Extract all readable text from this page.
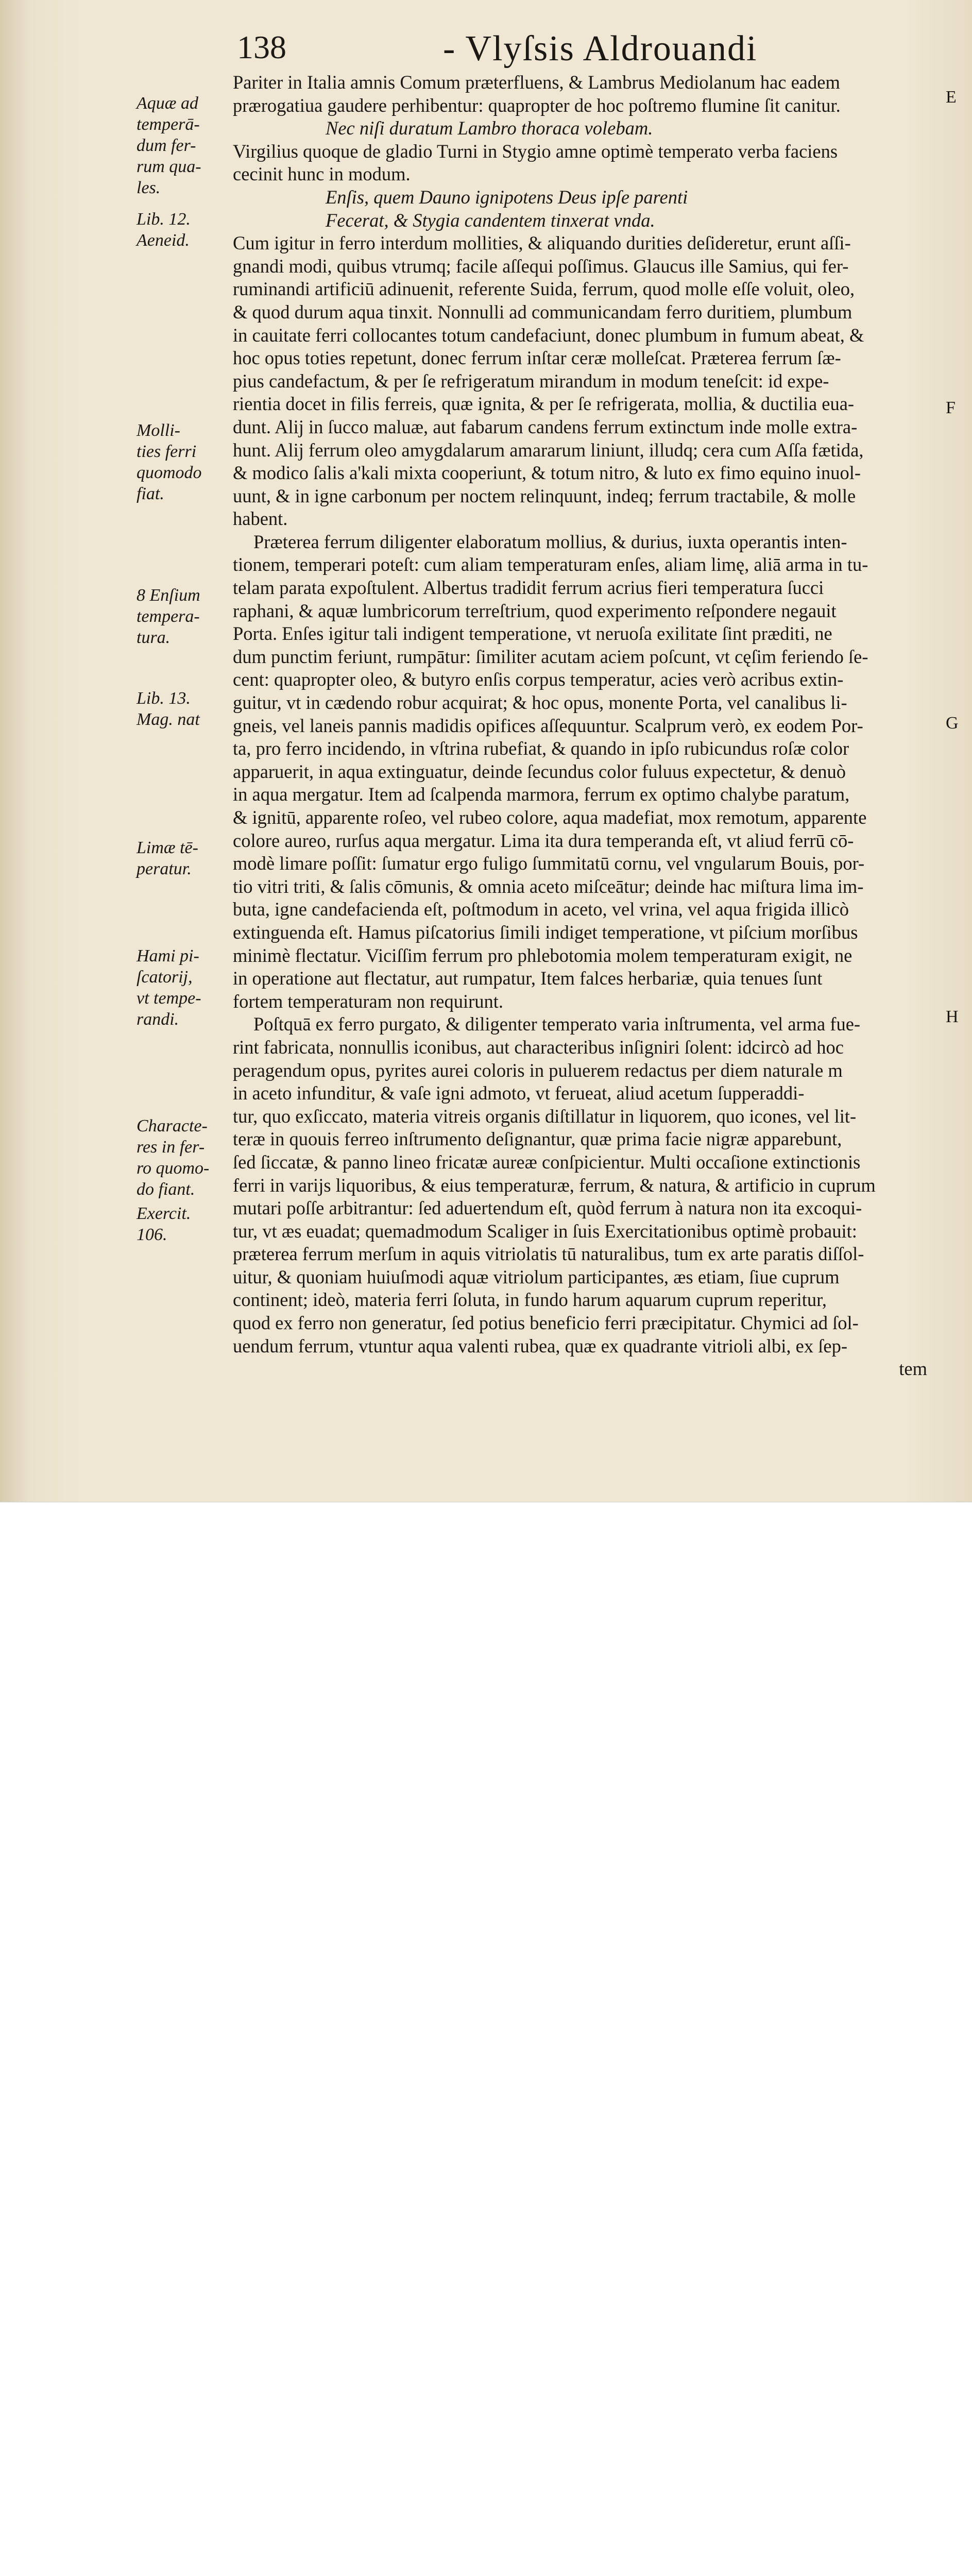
138	- Vlyſsis Aldrouandi
Pariter in Italia amnis Comum præterfluens, & Lambrus Mediolanum hac eadem
prærogatiua gaudere perhibentur: quapropter de hoc poſtremo flumine ſit canitur.
Nec niſi duratum Lambro thoraca volebam.
Virgilius quoque de gladio Turni in Stygio amne optimè temperato verba faciens
cecinit hunc in modum.
Enſis, quem Dauno ignipotens Deus ipſe parenti
Fecerat, & Stygia candentem tinxerat vnda.
Cum igitur in ferro interdum mollities, & aliquando durities deſideretur, erunt aſſi-
gnandi modi, quibus vtrumq; facile aſſequi poſſimus. Glaucus ille Samius, qui fer-
ruminandi artificiū adinuenit, referente Suida, ferrum, quod molle eſſe voluit, oleo,
& quod durum aqua tinxit. Nonnulli ad communicandam ferro duritiem, plumbum
in cauitate ferri collocantes totum candefaciunt, donec plumbum in fumum abeat, &
hoc opus toties repetunt, donec ferrum inſtar ceræ molleſcat. Præterea ferrum ſæ-
pius candefactum, & per ſe refrigeratum mirandum in modum teneſcit: id expe-
rientia docet in filis ferreis, quæ ignita, & per ſe refrigerata, mollia, & ductilia eua-
dunt. Alij in ſucco maluæ, aut fabarum candens ferrum extinctum inde molle extra-
hunt. Alij ferrum oleo amygdalarum amararum liniunt, illudq; cera cum Aſſa fætida,
& modico ſalis a'kali mixta cooperiunt, & totum nitro, & luto ex fimo equino inuol-
uunt, & in igne carbonum per noctem relinquunt, indeq; ferrum tractabile, & molle
habent.
Præterea ferrum diligenter elaboratum mollius, & durius, iuxta operantis inten-
tionem, temperari poteſt: cum aliam temperaturam enſes, aliam limę, aliā arma in tu-
telam parata expoſtulent. Albertus tradidit ferrum acrius fieri temperatura ſucci
raphani, & aquæ lumbricorum terreſtrium, quod experimento reſpondere negauit
Porta. Enſes igitur tali indigent temperatione, vt neruoſa exilitate ſint præditi, ne
dum punctim feriunt, rumpātur: ſimiliter acutam aciem poſcunt, vt cęſim feriendo ſe-
cent: quapropter oleo, & butyro enſis corpus temperatur, acies verò acribus extin-
guitur, vt in cædendo robur acquirat; & hoc opus, monente Porta, vel canalibus li-
gneis, vel laneis pannis madidis opifices aſſequuntur. Scalprum verò, ex eodem Por-
ta, pro ferro incidendo, in vſtrina rubefiat, & quando in ipſo rubicundus roſæ color
apparuerit, in aqua extinguatur, deinde ſecundus color fuluus expectetur, & denuò
in aqua mergatur. Item ad ſcalpenda marmora, ferrum ex optimo chalybe paratum,
& ignitū, apparente roſeo, vel rubeo colore, aqua madefiat, mox remotum, apparente
colore aureo, rurſus aqua mergatur. Lima ita dura temperanda eſt, vt aliud ferrū cō-
modè limare poſſit: ſumatur ergo fuligo ſummitatū cornu, vel vngularum Bouis, por-
tio vitri triti, & ſalis cōmunis, & omnia aceto miſceātur; deinde hac miſtura lima im-
buta, igne candefacienda eſt, poſtmodum in aceto, vel vrina, vel aqua frigida illicò
extinguenda eſt. Hamus piſcatorius ſimili indiget temperatione, vt piſcium morſibus
minimè flectatur. Viciſſim ferrum pro phlebotomia molem temperaturam exigit, ne
in operatione aut flectatur, aut rumpatur, Item falces herbariæ, quia tenues ſunt
fortem temperaturam non requirunt.
Poſtquā ex ferro purgato, & diligenter temperato varia inſtrumenta, vel arma fue-
rint fabricata, nonnullis iconibus, aut characteribus inſigniri ſolent: idcircò ad hoc
peragendum opus, pyrites aurei coloris in puluerem redactus per diem naturale m
in aceto infunditur, & vaſe igni admoto, vt ferueat, aliud acetum ſupperaddi-
tur, quo exſiccato, materia vitreis organis diſtillatur in liquorem, quo icones, vel lit-
teræ in quouis ferreo inſtrumento deſignantur, quæ prima facie nigræ apparebunt,
ſed ſiccatæ, & panno lineo fricatæ aureæ conſpicientur. Multi occaſione extinctionis
ferri in varijs liquoribus, & eius temperaturæ, ferrum, & natura, & artificio in cuprum
mutari poſſe arbitrantur: ſed aduertendum eſt, quòd ferrum à natura non ita excoqui-
tur, vt æs euadat; quemadmodum Scaliger in ſuis Exercitationibus optimè probauit:
præterea ferrum merſum in aquis vitriolatis tū naturalibus, tum ex arte paratis diſſol-
uitur, & quoniam huiuſmodi aquæ vitriolum participantes, æs etiam, ſiue cuprum
continent; ideò, materia ferri ſoluta, in fundo harum aquarum cuprum reperitur,
quod ex ferro non generatur, ſed potius beneficio ferri præcipitatur. Chymici ad ſol-
uendum ferrum, vtuntur aqua valenti rubea, quæ ex quadrante vitrioli albi, ex ſep-
tem
Aquæ ad
temperā-
dum fer-
rum qua-
les.
Lib. 12.
Aeneid.
Molli-
ties ferri
quomodo
fiat.
8 Enſium
tempera-
tura.
Lib. 13.
Mag. nat
Limæ tē-
peratur.
Hami pi-
ſcatorij,
vt tempe-
randi.
Characte-
res in fer-
ro quomo-
do fiant.
Exercit.
106.
E
F
G
H
